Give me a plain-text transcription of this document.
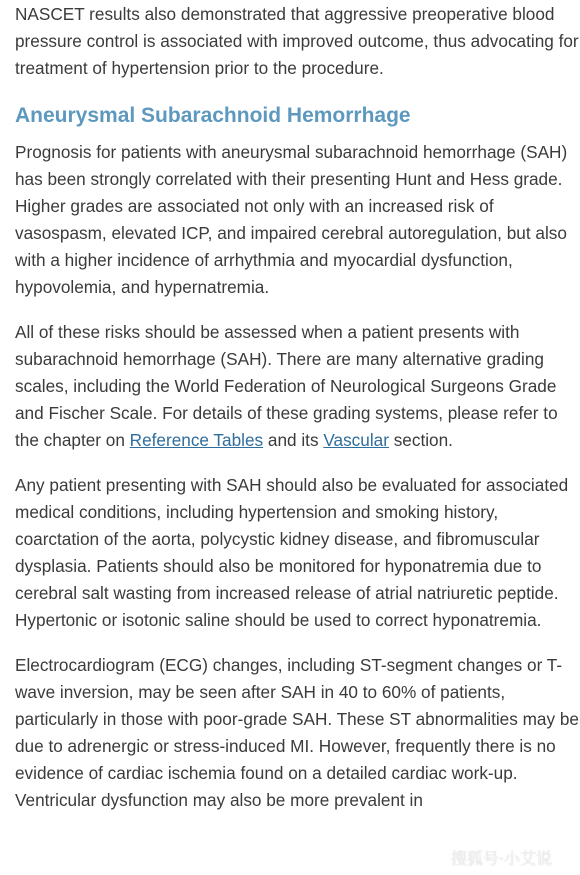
NASCET results also demonstrated that aggressive preoperative blood pressure control is associated with improved outcome, thus advocating for treatment of hypertension prior to the procedure.

Aneurysmal Subarachnoid Hemorrhage

Prognosis for patients with aneurysmal subarachnoid hemorrhage (SAH) has been strongly correlated with their presenting Hunt and Hess grade. Higher grades are associated not only with an increased risk of vasospasm, elevated ICP, and impaired cerebral autoregulation, but also with a higher incidence of arrhythmia and myocardial dysfunction, hypovolemia, and hypernatremia.

All of these risks should be assessed when a patient presents with subarachnoid hemorrhage (SAH). There are many alternative grading scales, including the World Federation of Neurological Surgeons Grade and Fischer Scale. For details of these grading systems, please refer to the chapter on Reference Tables and its Vascular section.

Any patient presenting with SAH should also be evaluated for associated medical conditions, including hypertension and smoking history, coarctation of the aorta, polycystic kidney disease, and fibromuscular dysplasia. Patients should also be monitored for hyponatremia due to cerebral salt wasting from increased release of atrial natriuretic peptide. Hypertonic or isotonic saline should be used to correct hyponatremia.

Electrocardiogram (ECG) changes, including ST-segment changes or T-wave inversion, may be seen after SAH in 40 to 60% of patients, particularly in those with poor-grade SAH. These ST abnormalities may be due to adrenergic or stress-induced MI. However, frequently there is no evidence of cardiac ischemia found on a detailed cardiac work-up. Ventricular dysfunction may also be more prevalent in

搜狐号·小艾说
